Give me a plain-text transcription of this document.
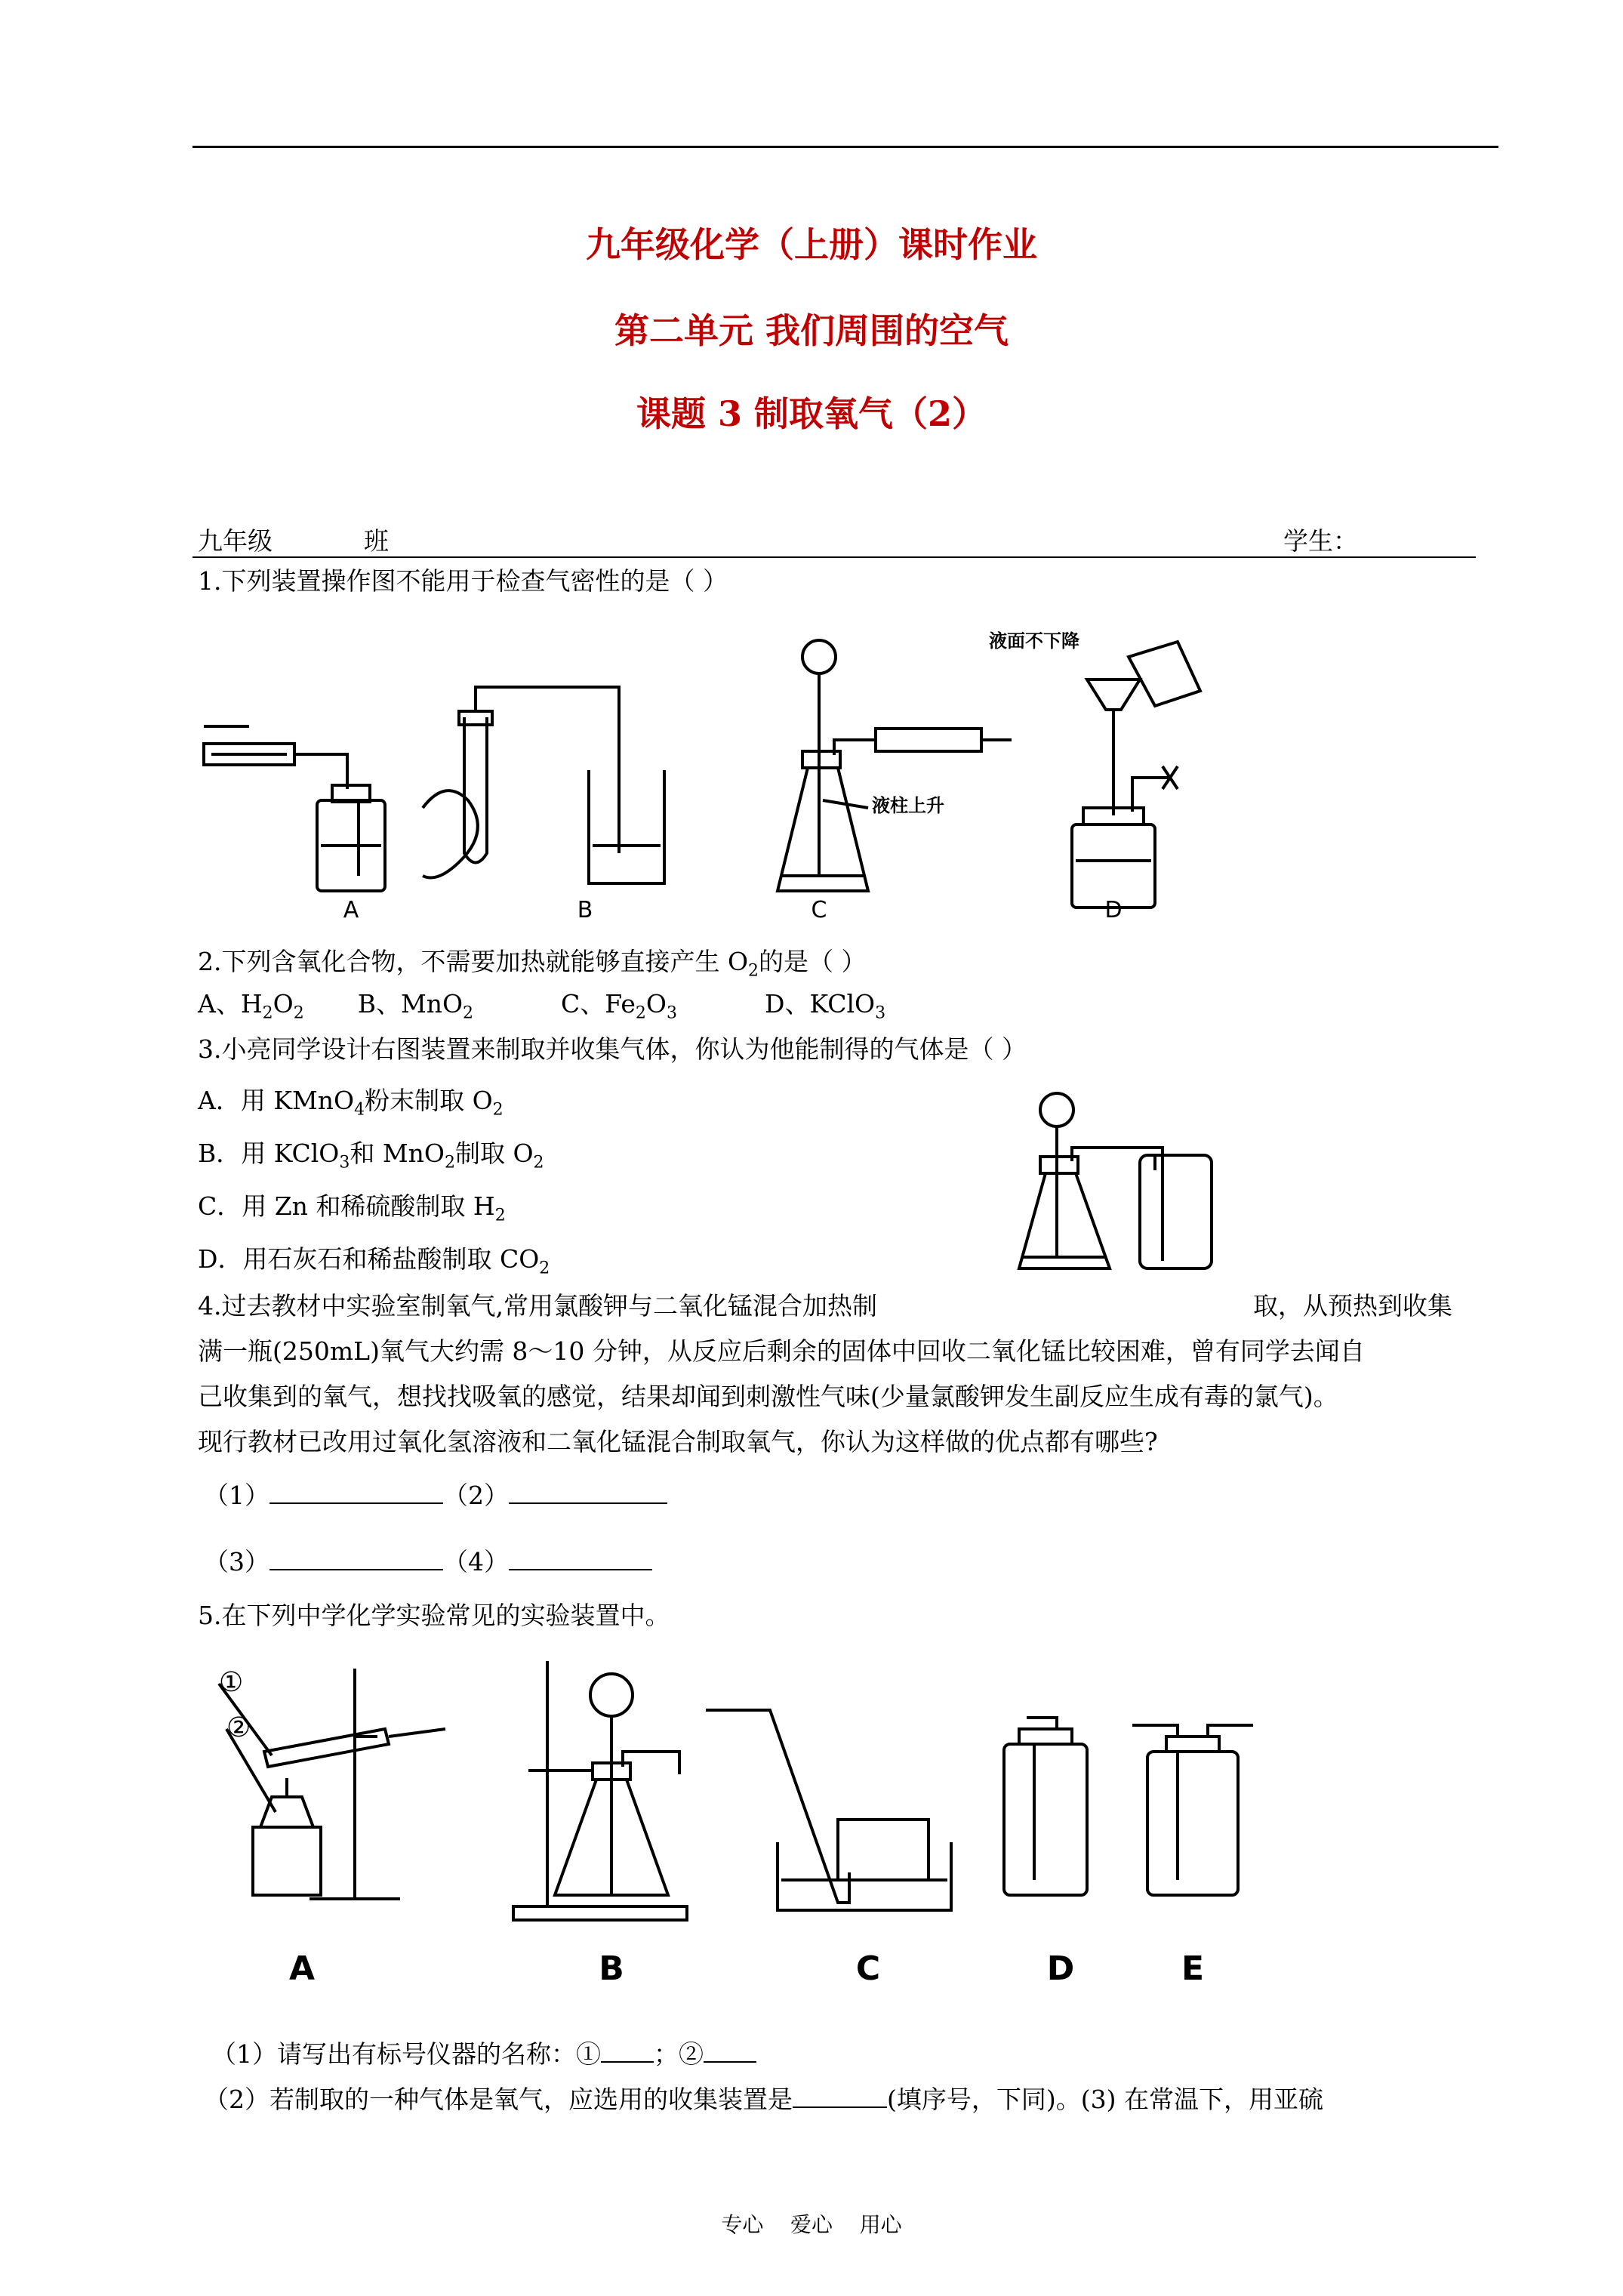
九年级化学（上册）课时作业
第二单元 我们周围的空气
课题 3 制取氧气（2）
九年级	班	学生：
1.下列装置操作图不能用于检查气密性的是（ ）
A	B	C	D
液柱上升
液面不下降
2.下列含氧化合物，不需要加热就能够直接产生 $O_2$的是（ ）
A、$H_2O_2$ B、MnO$_2$	C、$Fe_2O_3$	D、KClO$_3$
3.小亮同学设计右图装置来制取并收集气体，你认为他能制得的气体是（ ）
A．用 KMnO$_4$粉末制取 $O_2$
B．用 KClO$_3$和 MnO$_2$制取 $O_2$
C．用 Zn 和稀硫酸制取 $H_2$
D．用石灰石和稀盐酸制取 $CO_2$
4.过去教材中实验室制氧气,常用氯酸钾与二氧化锰混合加热制	取，从预热到收集
满一瓶(250mL)氧气大约需 8～10 分钟，从反应后剩余的固体中回收二氧化锰比较困难，曾有同学去闻自
己收集到的氧气，想找找吸氧的感觉，结果却闻到刺激性气味(少量氯酸钾发生副反应生成有毒的氯气)。
现行教材已改用过氧化氢溶液和二氧化锰混合制取氧气，你认为这样做的优点都有哪些?
（1）	（2）
（3）	（4）
5.在下列中学化学实验常见的实验装置中。
①
②
A	B	C	D	E
（1）请写出有标号仪器的名称：① ；②
（2）若制取的一种气体是氧气，应选用的收集装置是	(填序号，下同)。(3) 在常温下，用亚硫
专心    爱心    用心
